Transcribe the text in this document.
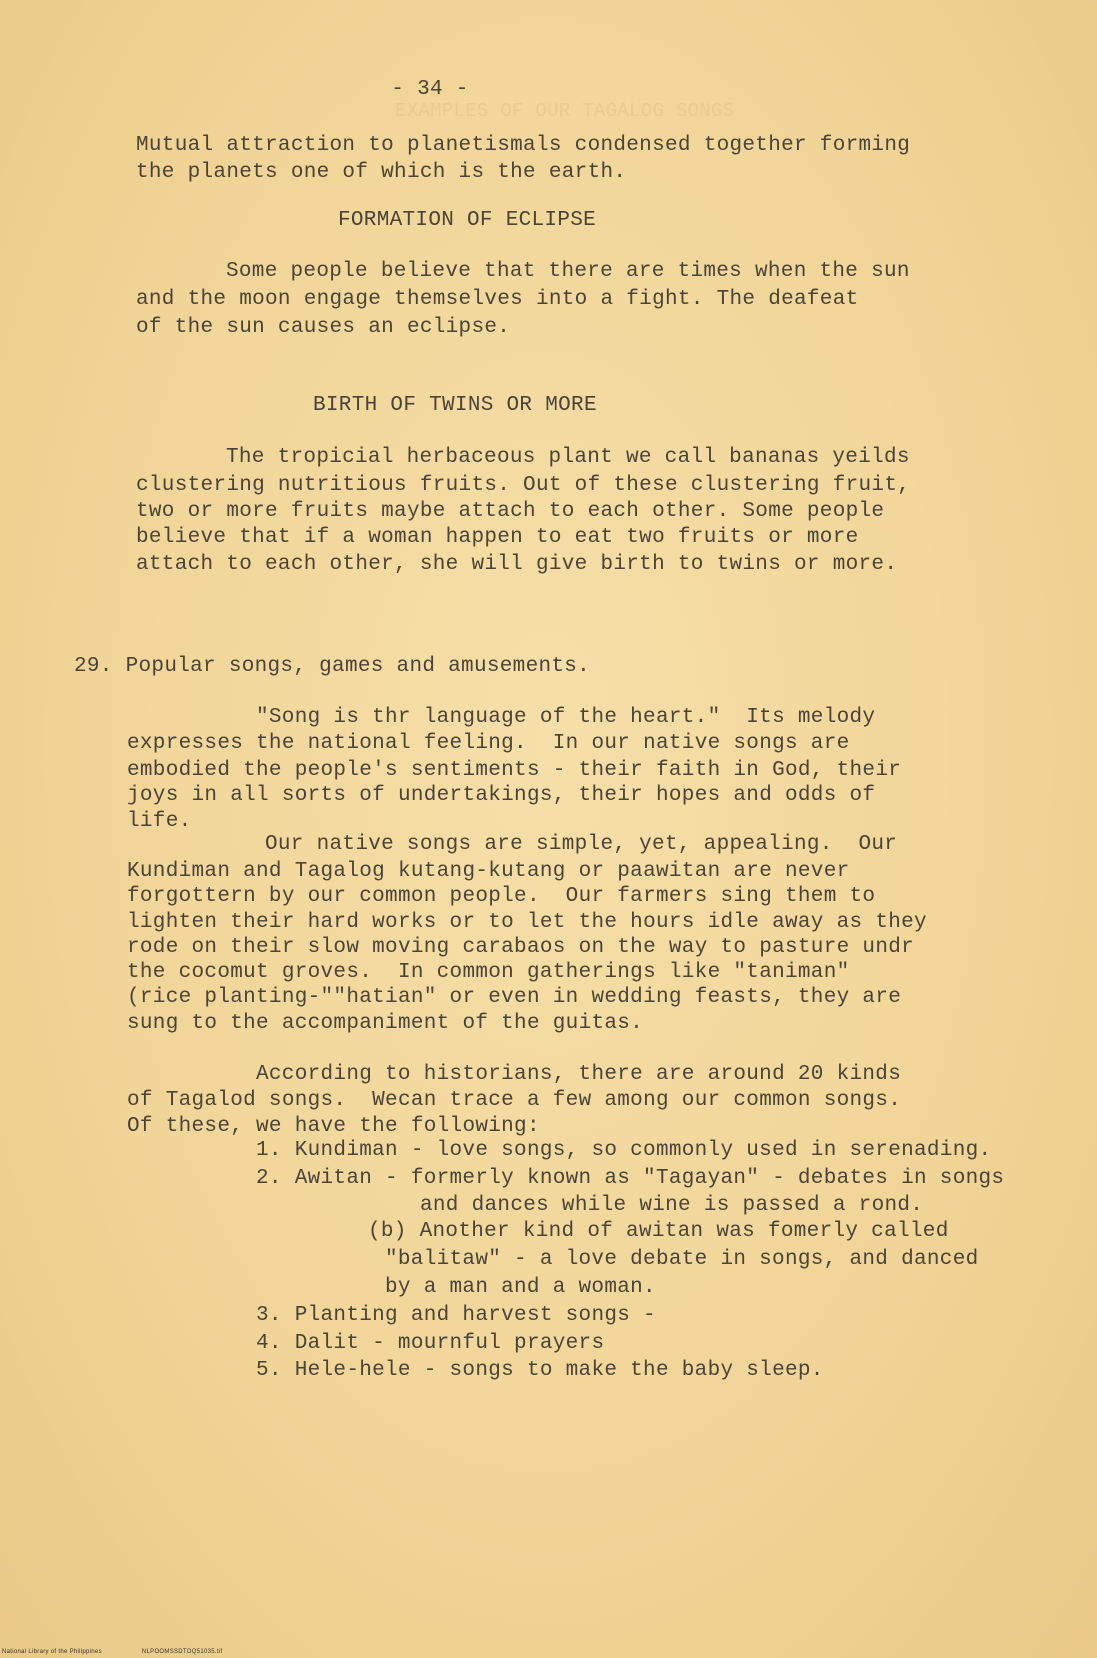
EXAMPLES OF OUR TAGALOG SONGS
- 34 -
Mutual attraction to planetismals condensed together forming
the planets one of which is the earth.
FORMATION OF ECLIPSE
Some people believe that there are times when the sun
and the moon engage themselves into a fight. The deafeat
of the sun causes an eclipse.
BIRTH OF TWINS OR MORE
The tropicial herbaceous plant we call bananas yeilds
clustering nutritious fruits. Out of these clustering fruit,
two or more fruits maybe attach to each other. Some people
believe that if a woman happen to eat two fruits or more
attach to each other, she will give birth to twins or more.
29. Popular songs, games and amusements.
"Song is thr language of the heart."  Its melody
expresses the national feeling.  In our native songs are
embodied the people's sentiments - their faith in God, their
joys in all sorts of undertakings, their hopes and odds of
life.
Our native songs are simple, yet, appealing.  Our
Kundiman and Tagalog kutang-kutang or paawitan are never
forgottern by our common people.  Our farmers sing them to
lighten their hard works or to let the hours idle away as they
rode on their slow moving carabaos on the way to pasture undr
the cocomut groves.  In common gatherings like "taniman"
(rice planting-""hatian" or even in wedding feasts, they are
sung to the accompaniment of the guitas.
According to historians, there are around 20 kinds
of Tagalod songs.  Wecan trace a few among our common songs.
Of these, we have the following:
1. Kundiman - love songs, so commonly used in serenading.
2. Awitan - formerly known as "Tagayan" - debates in songs
and dances while wine is passed a rond.
(b) Another kind of awitan was fomerly called
"balitaw" - a love debate in songs, and danced
by a man and a woman.
3. Planting and harvest songs -
4. Dalit - mournful prayers
5. Hele-hele - songs to make the baby sleep.
National Library of the Philippines	NLPOOMSSDTOQ51035.tif
